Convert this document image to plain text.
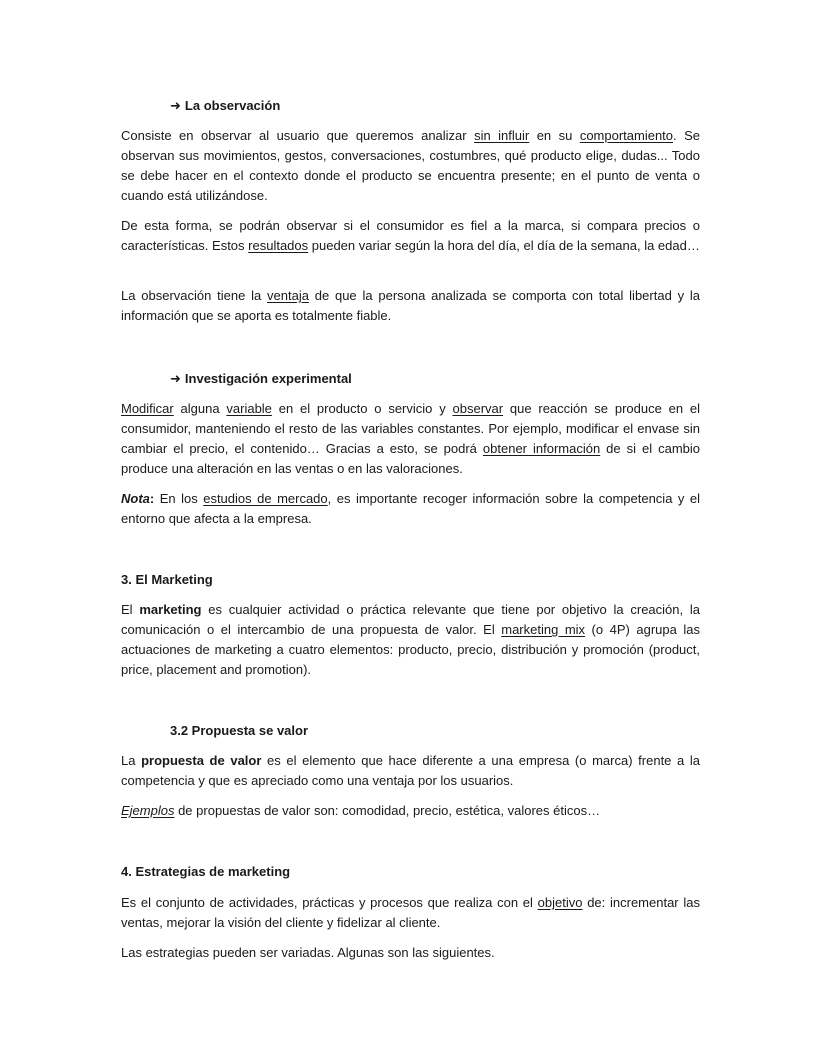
➜ La observación
Consiste en observar al usuario que queremos analizar sin influir en su comportamiento. Se observan sus movimientos, gestos, conversaciones, costumbres, qué producto elige, dudas... Todo se debe hacer en el contexto donde el producto se encuentra presente; en el punto de venta o cuando está utilizándose.
De esta forma, se podrán observar si el consumidor es fiel a la marca, si compara precios o características. Estos resultados pueden variar según la hora del día, el día de la semana, la edad…
La observación tiene la ventaja de que la persona analizada se comporta con total libertad y la información que se aporta es totalmente fiable.
➜ Investigación experimental
Modificar alguna variable en el producto o servicio y observar que reacción se produce en el consumidor, manteniendo el resto de las variables constantes. Por ejemplo, modificar el envase sin cambiar el precio, el contenido… Gracias a esto, se podrá obtener información de si el cambio produce una alteración en las ventas o en las valoraciones.
Nota: En los estudios de mercado, es importante recoger información sobre la competencia y el entorno que afecta a la empresa.
3. El Marketing
El marketing es cualquier actividad o práctica relevante que tiene por objetivo la creación, la comunicación o el intercambio de una propuesta de valor. El marketing mix (o 4P) agrupa las actuaciones de marketing a cuatro elementos: producto, precio, distribución y promoción (product, price, placement and promotion).
3.2 Propuesta se valor
La propuesta de valor es el elemento que hace diferente a una empresa (o marca) frente a la competencia y que es apreciado como una ventaja por los usuarios.
Ejemplos de propuestas de valor son: comodidad, precio, estética, valores éticos…
4. Estrategias de marketing
Es el conjunto de actividades, prácticas y procesos que realiza con el objetivo de: incrementar las ventas, mejorar la visión del cliente y fidelizar al cliente.
Las estrategias pueden ser variadas. Algunas son las siguientes.
